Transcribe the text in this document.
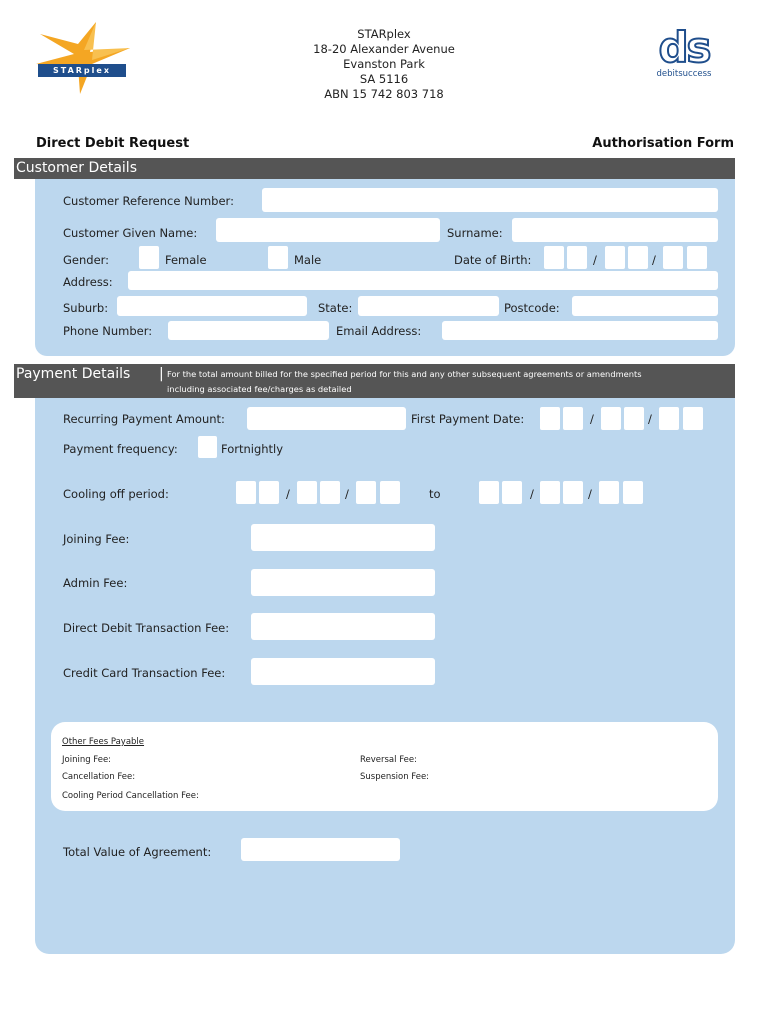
STARplex
STARplex
18-20 Alexander Avenue
Evanston Park
SA 5116
ABN 15 742 803 718
ds
debitsuccess
Direct Debit Request	Authorisation Form
Customer Details
Customer Reference Number:
Customer Given Name:	Surname:
Gender:	Female	Male	Date of Birth:	/	/
Address:
Suburb:	State:	Postcode:
Phone Number:	Email Address:
Payment Details | For the total amount billed for the specified period for this and any other subsequent agreements or amendments
including associated fee/charges as detailed
Recurring Payment Amount:	First Payment Date:	/	/
Payment frequency:	Fortnightly
Cooling off period:	/	/	to	/	/
Joining Fee:
Admin Fee:
Direct Debit Transaction Fee:
Credit Card Transaction Fee:
Other Fees Payable
Joining Fee:	Reversal Fee:
Cancellation Fee:	Suspension Fee:
Cooling Period Cancellation Fee:
Total Value of Agreement:
